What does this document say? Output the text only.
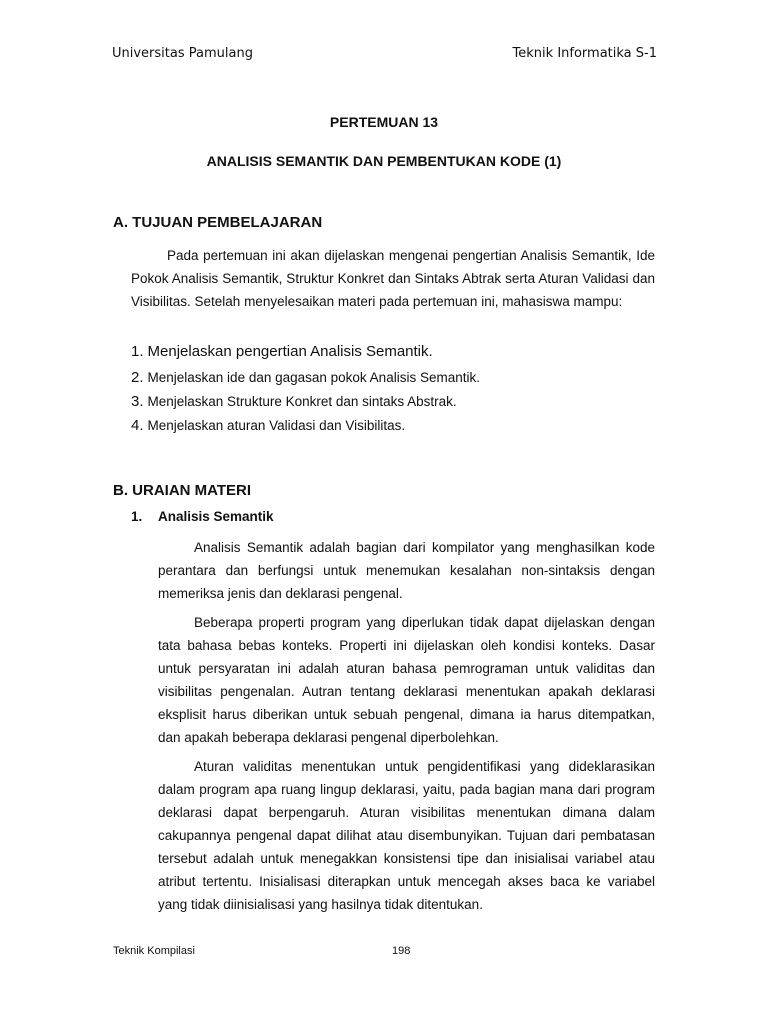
Universitas Pamulang	Teknik Informatika S-1
PERTEMUAN 13
ANALISIS SEMANTIK DAN PEMBENTUKAN KODE (1)
A. TUJUAN PEMBELAJARAN
Pada pertemuan ini akan dijelaskan mengenai pengertian Analisis Semantik, Ide Pokok Analisis Semantik, Struktur Konkret dan Sintaks Abtrak serta Aturan Validasi dan Visibilitas. Setelah menyelesaikan materi pada pertemuan ini, mahasiswa mampu:
1. Menjelaskan pengertian Analisis Semantik.
2. Menjelaskan ide dan gagasan pokok Analisis Semantik.
3. Menjelaskan Strukture Konkret dan sintaks Abstrak.
4. Menjelaskan aturan Validasi dan Visibilitas.
B. URAIAN MATERI
1. Analisis Semantik
Analisis Semantik adalah bagian dari kompilator yang menghasilkan kode perantara dan berfungsi untuk menemukan kesalahan non-sintaksis dengan memeriksa jenis dan deklarasi pengenal.
Beberapa properti program yang diperlukan tidak dapat dijelaskan dengan tata bahasa bebas konteks. Properti ini dijelaskan oleh kondisi konteks. Dasar untuk persyaratan ini adalah aturan bahasa pemrograman untuk validitas dan visibilitas pengenalan. Autran tentang deklarasi menentukan apakah deklarasi eksplisit harus diberikan untuk sebuah pengenal, dimana ia harus ditempatkan, dan apakah beberapa deklarasi pengenal diperbolehkan.
Aturan validitas menentukan untuk pengidentifikasi yang dideklarasikan dalam program apa ruang lingup deklarasi, yaitu, pada bagian mana dari program deklarasi dapat berpengaruh. Aturan visibilitas menentukan dimana dalam cakupannya pengenal dapat dilihat atau disembunyikan. Tujuan dari pembatasan tersebut adalah untuk menegakkan konsistensi tipe dan inisialisai variabel atau atribut tertentu. Inisialisasi diterapkan untuk mencegah akses baca ke variabel yang tidak diinisialisasi yang hasilnya tidak ditentukan.
Teknik Kompilasi	198
